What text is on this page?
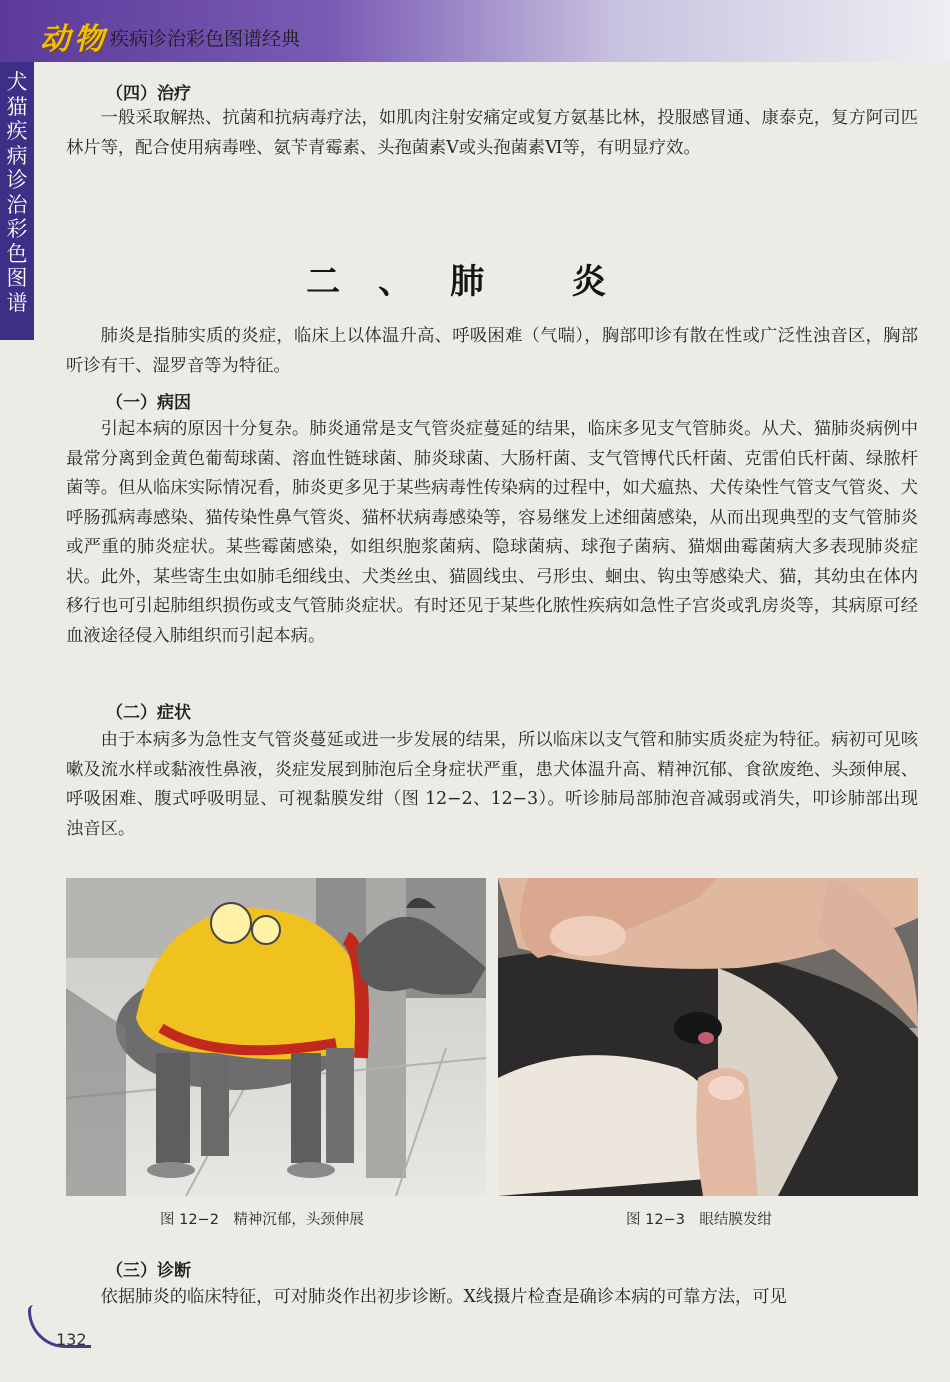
动物 疾病诊治彩色图谱经典
犬猫疾病诊治彩色图谱
（四）治疗

一般采取解热、抗菌和抗病毒疗法，如肌肉注射安痛定或复方氨基比林，投服感冒通、康泰克，复方阿司匹林片等，配合使用病毒唑、氨苄青霉素、头孢菌素Ⅴ或头孢菌素Ⅵ等，有明显疗效。

二、肺 炎

肺炎是指肺实质的炎症，临床上以体温升高、呼吸困难（气喘），胸部叩诊有散在性或广泛性浊音区，胸部听诊有干、湿罗音等为特征。

（一）病因

引起本病的原因十分复杂。肺炎通常是支气管炎症蔓延的结果，临床多见支气管肺炎。从犬、猫肺炎病例中最常分离到金黄色葡萄球菌、溶血性链球菌、肺炎球菌、大肠杆菌、支气管博代氏杆菌、克雷伯氏杆菌、绿脓杆菌等。但从临床实际情况看，肺炎更多见于某些病毒性传染病的过程中，如犬瘟热、犬传染性气管支气管炎、犬呼肠孤病毒感染、猫传染性鼻气管炎、猫杯状病毒感染等，容易继发上述细菌感染，从而出现典型的支气管肺炎或严重的肺炎症状。某些霉菌感染，如组织胞浆菌病、隐球菌病、球孢子菌病、猫烟曲霉菌病大多表现肺炎症状。此外，某些寄生虫如肺毛细线虫、犬类丝虫、猫圆线虫、弓形虫、蛔虫、钩虫等感染犬、猫，其幼虫在体内移行也可引起肺组织损伤或支气管肺炎症状。有时还见于某些化脓性疾病如急性子宫炎或乳房炎等，其病原可经血液途径侵入肺组织而引起本病。

（二）症状

由于本病多为急性支气管炎蔓延或进一步发展的结果，所以临床以支气管和肺实质炎症为特征。病初可见咳嗽及流水样或黏液性鼻液，炎症发展到肺泡后全身症状严重，患犬体温升高、精神沉郁、食欲废绝、头颈伸展、呼吸困难、腹式呼吸明显、可视黏膜发绀（图 12−2、12−3）。听诊肺局部肺泡音减弱或消失，叩诊肺部出现浊音区。

图 12−2　精神沉郁，头颈伸展	图 12−3　眼结膜发绀
（三）诊断

依据肺炎的临床特征，可对肺炎作出初步诊断。X线摄片检查是确诊本病的可靠方法，可见

132
